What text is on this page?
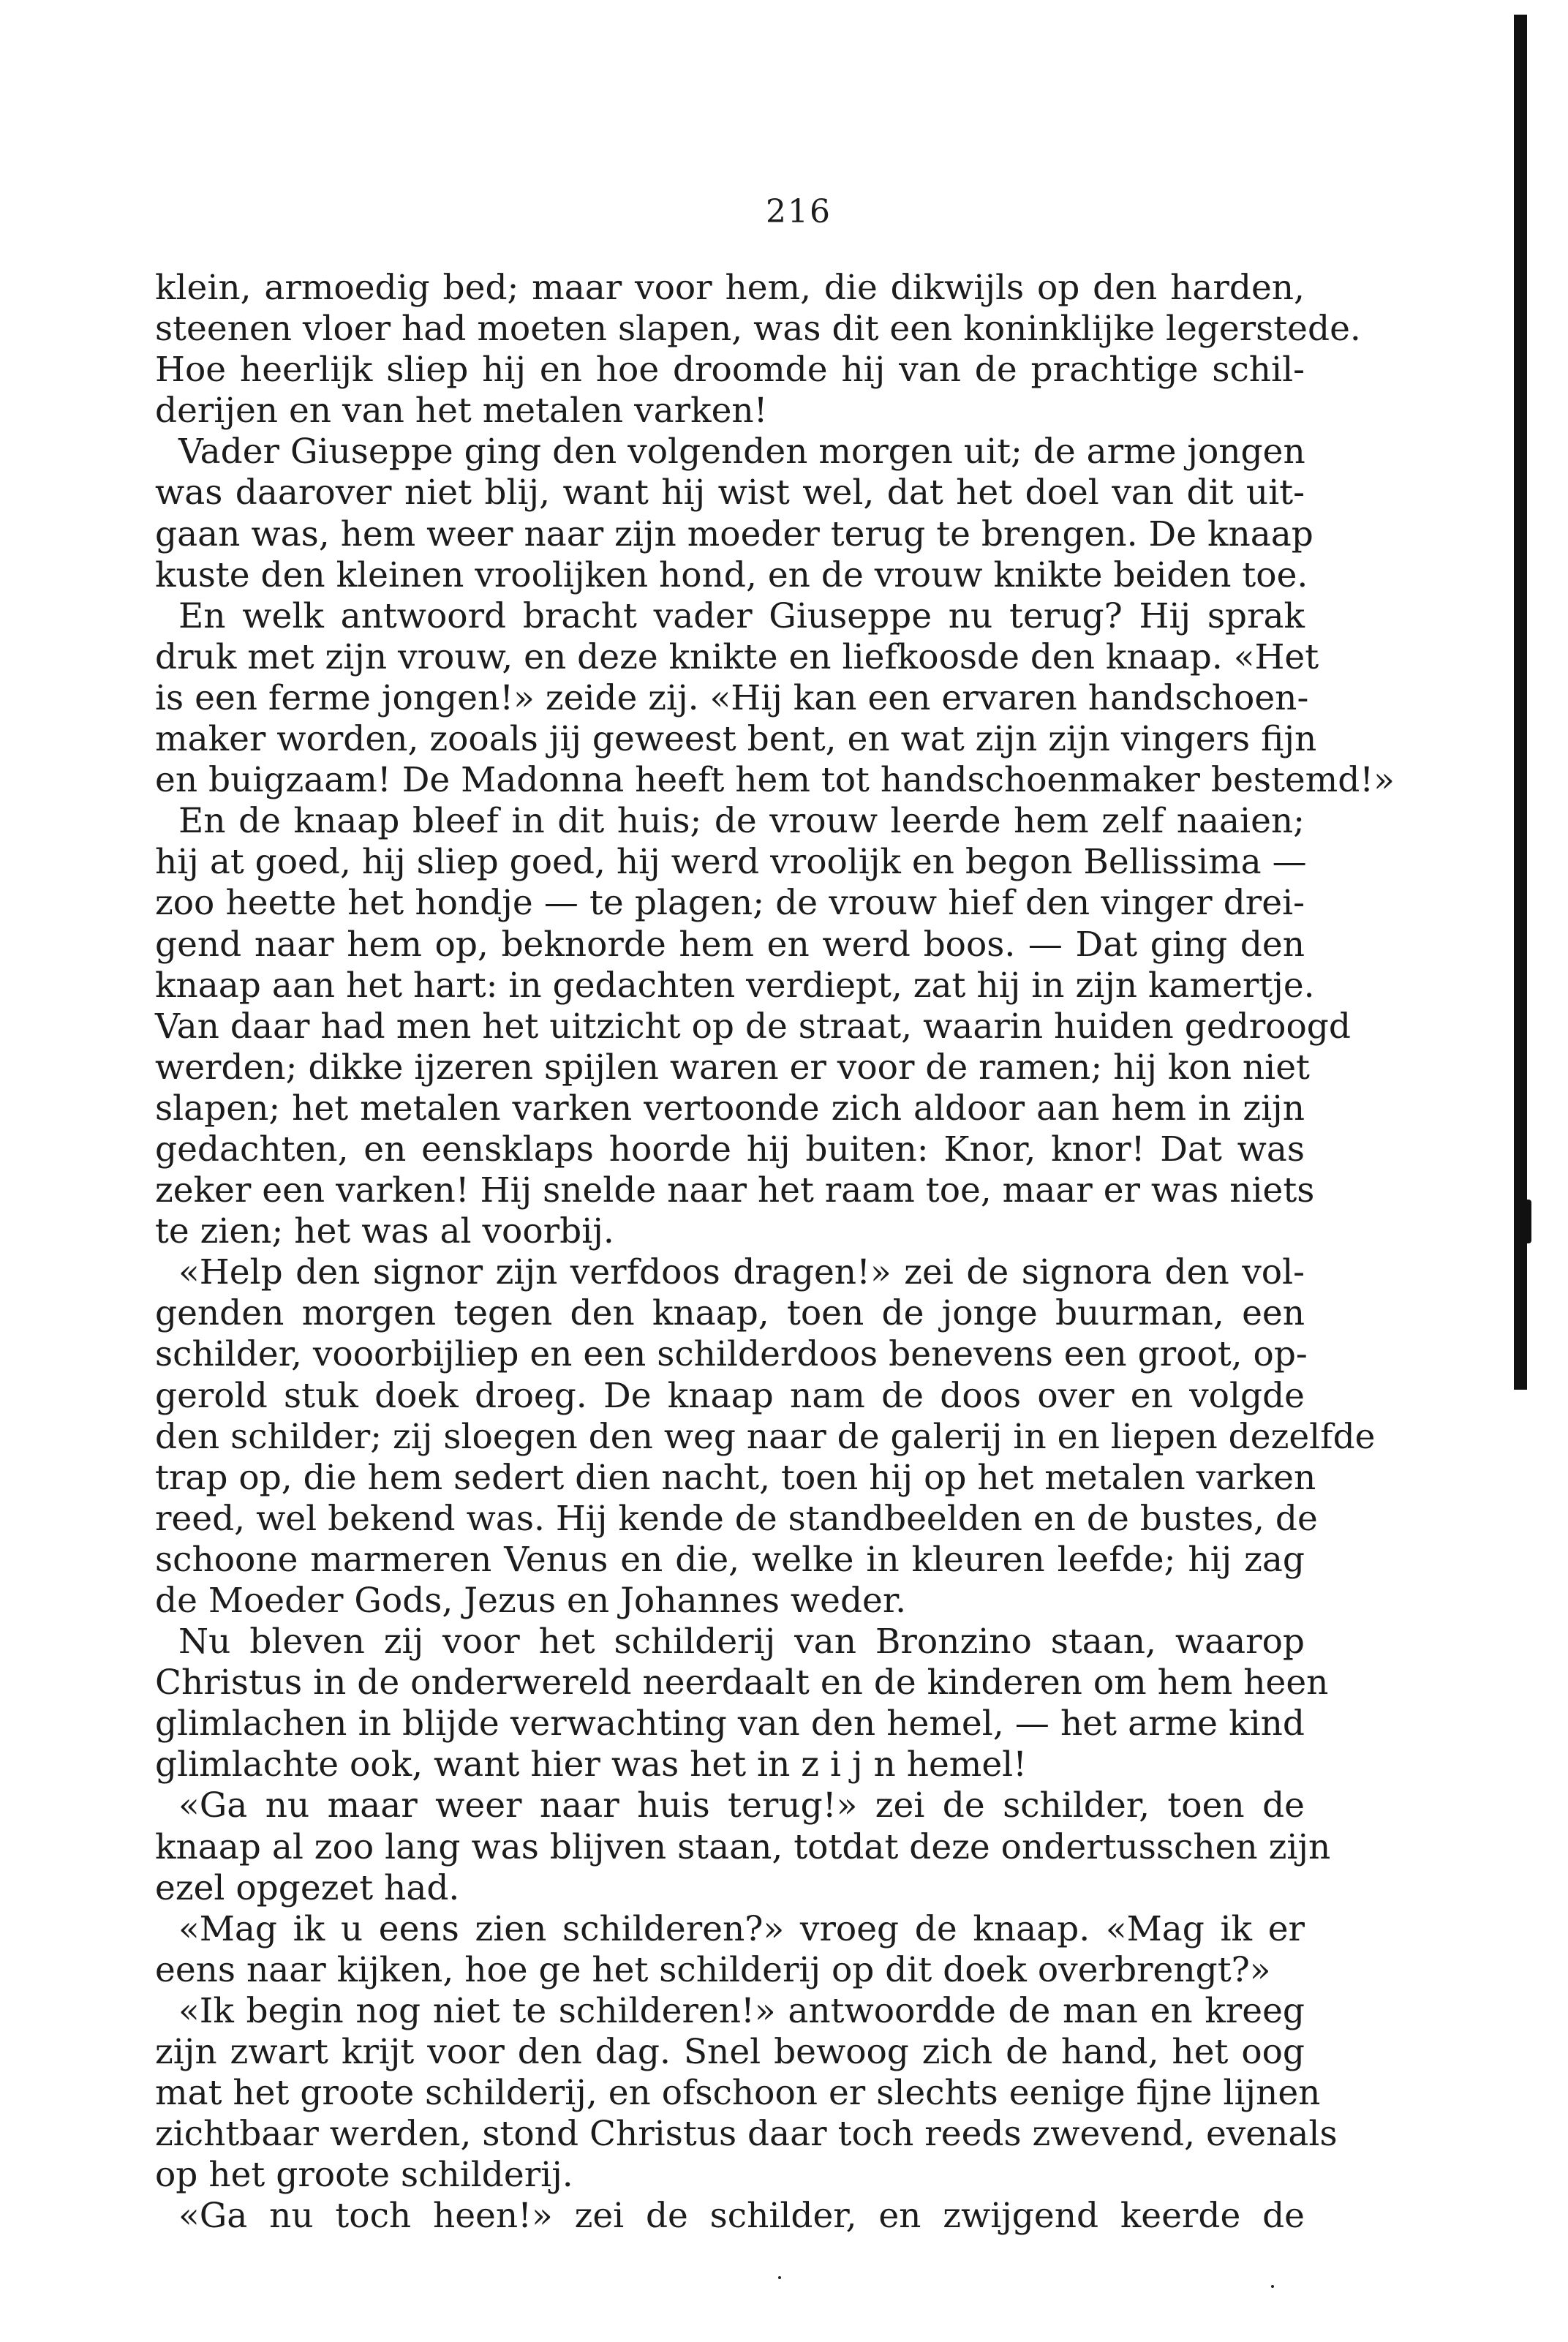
216
klein, armoedig bed; maar voor hem, die dikwijls op den harden,
steenen vloer had moeten slapen, was dit een koninklijke legerstede.
Hoe heerlijk sliep hij en hoe droomde hij van de prachtige schil-
derijen en van het metalen varken!
Vader Giuseppe ging den volgenden morgen uit; de arme jongen
was daarover niet blij, want hij wist wel, dat het doel van dit uit-
gaan was, hem weer naar zijn moeder terug te brengen. De knaap
kuste den kleinen vroolijken hond, en de vrouw knikte beiden toe.
En welk antwoord bracht vader Giuseppe nu terug? Hij sprak
druk met zijn vrouw, en deze knikte en liefkoosde den knaap. «Het
is een ferme jongen!» zeide zij. «Hij kan een ervaren handschoen-
maker worden, zooals jij geweest bent, en wat zijn zijn vingers fijn
en buigzaam! De Madonna heeft hem tot handschoenmaker bestemd!»
En de knaap bleef in dit huis; de vrouw leerde hem zelf naaien;
hij at goed, hij sliep goed, hij werd vroolijk en begon Bellissima —
zoo heette het hondje — te plagen; de vrouw hief den vinger drei-
gend naar hem op, beknorde hem en werd boos. — Dat ging den
knaap aan het hart: in gedachten verdiept, zat hij in zijn kamertje.
Van daar had men het uitzicht op de straat, waarin huiden gedroogd
werden; dikke ijzeren spijlen waren er voor de ramen; hij kon niet
slapen; het metalen varken vertoonde zich aldoor aan hem in zijn
gedachten, en eensklaps hoorde hij buiten: Knor, knor! Dat was
zeker een varken! Hij snelde naar het raam toe, maar er was niets
te zien; het was al voorbij.
«Help den signor zijn verfdoos dragen!» zei de signora den vol-
genden morgen tegen den knaap, toen de jonge buurman, een
schilder, vooorbijliep en een schilderdoos benevens een groot, op-
gerold stuk doek droeg. De knaap nam de doos over en volgde
den schilder; zij sloegen den weg naar de galerij in en liepen dezelfde
trap op, die hem sedert dien nacht, toen hij op het metalen varken
reed, wel bekend was. Hij kende de standbeelden en de bustes, de
schoone marmeren Venus en die, welke in kleuren leefde; hij zag
de Moeder Gods, Jezus en Johannes weder.
Nu bleven zij voor het schilderij van Bronzino staan, waarop
Christus in de onderwereld neerdaalt en de kinderen om hem heen
glimlachen in blijde verwachting van den hemel, — het arme kind
glimlachte ook, want hier was het in z i j n hemel!
«Ga nu maar weer naar huis terug!» zei de schilder, toen de
knaap al zoo lang was blijven staan, totdat deze ondertusschen zijn
ezel opgezet had.
«Mag ik u eens zien schilderen?» vroeg de knaap. «Mag ik er
eens naar kijken, hoe ge het schilderij op dit doek overbrengt?»
«Ik begin nog niet te schilderen!» antwoordde de man en kreeg
zijn zwart krijt voor den dag. Snel bewoog zich de hand, het oog
mat het groote schilderij, en ofschoon er slechts eenige fijne lijnen
zichtbaar werden, stond Christus daar toch reeds zwevend, evenals
op het groote schilderij.
«Ga nu toch heen!» zei de schilder, en zwijgend keerde de
